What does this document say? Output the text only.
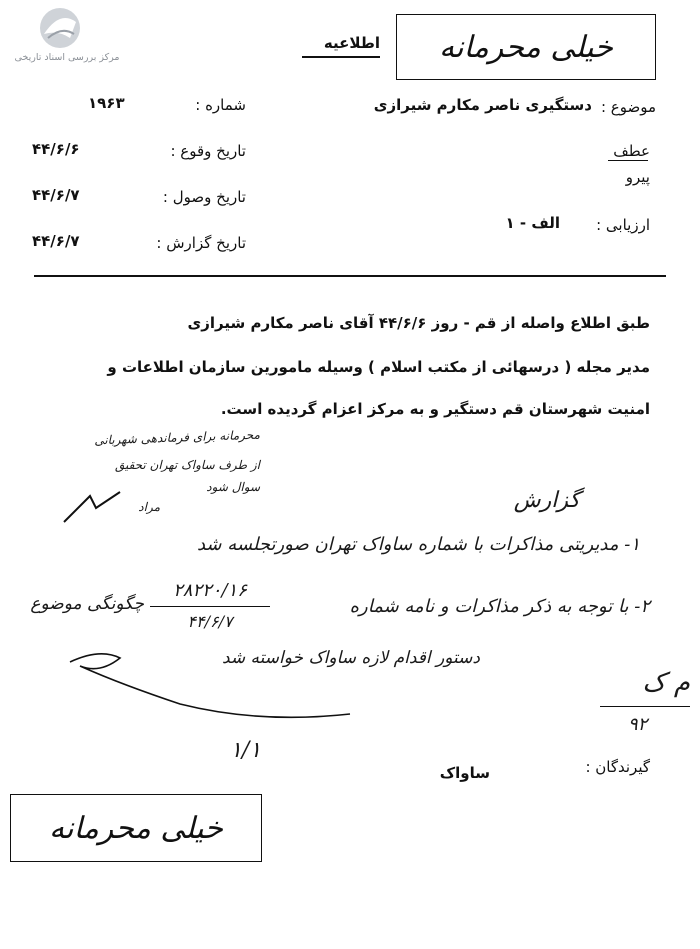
مرکز بررسی اسناد تاریخی	خیلی محرمانه
اطلاعیه
شماره :
۱۹۶۳
تاریخ وقوع :
۴۴/۶/۶
تاریخ وصول :
۴۴/۶/۷
تاریخ گزارش :
۴۴/۶/۷
موضوع :
دستگیری ناصر مکارم شیرازی
عطف
پیرو
ارزیابی :
الف - ۱
طبق اطلاع واصله از قم - روز ۴۴/۶/۶ آقای ناصر مکارم شیرازی
مدیر مجله ( درسهائی از مکتب اسلام ) وسیله مامورین سازمان اطلاعات و
امنیت شهرستان قم دستگیر و به مرکز اعزام گردیده است.
محرمانه برای فرماندهی شهربانی
از طرف ساواک تهران تحقیق
سوال شود
مراد	گزارش
۱- مدیریتی مذاکرات با شماره ساواک تهران صورتجلسه شد
۲- با توجه به ذکر مذاکرات و نامه شماره
۲۸۲۲۰/۱۶
۴۴/۶/۷
چگونگی موضوع
دستور اقدام لازه ساواک خواسته شد
م ک
۹۲
۱/۱
گیرندگان :
ساواک
خیلی محرمانه
